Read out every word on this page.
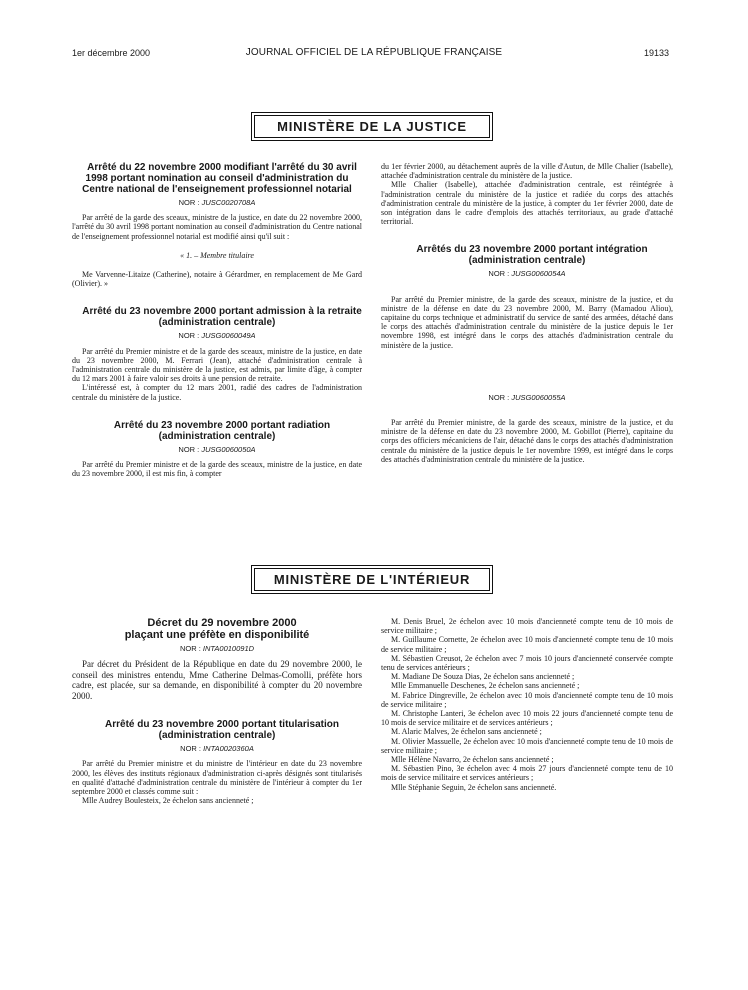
1er décembre 2000	JOURNAL OFFICIEL DE LA RÉPUBLIQUE FRANÇAISE	19133
MINISTÈRE DE LA JUSTICE

Arrêté du 22 novembre 2000 modifiant l'arrêté du 30 avril 1998 portant nomination au conseil d'administration du Centre national de l'enseignement professionnel notarial

NOR : JUSC0020708A

Par arrêté de la garde des sceaux, ministre de la justice, en date du 22 novembre 2000, l'arrêté du 30 avril 1998 portant nomination au conseil d'administration du Centre national de l'enseignement professionnel notarial est modifié ainsi qu'il suit :

« 1. – Membre titulaire

Me Varvenne-Litaize (Catherine), notaire à Gérardmer, en remplacement de Me Gard (Olivier). »

Arrêté du 23 novembre 2000 portant admission à la retraite (administration centrale)

NOR : JUSG0060049A

Par arrêté du Premier ministre et de la garde des sceaux, ministre de la justice, en date du 23 novembre 2000, M. Ferrari (Jean), attaché d'administration centrale à l'administration centrale du ministère de la justice, est admis, par limite d'âge, à compter du 12 mars 2001 à faire valoir ses droits à une pension de retraite.

L'intéressé est, à compter du 12 mars 2001, radié des cadres de l'administration centrale du ministère de la justice.

Arrêté du 23 novembre 2000 portant radiation (administration centrale)

NOR : JUSG0060050A

Par arrêté du Premier ministre et de la garde des sceaux, ministre de la justice, en date du 23 novembre 2000, il est mis fin, à compter

du 1er février 2000, au détachement auprès de la ville d'Autun, de Mlle Chalier (Isabelle), attachée d'administration centrale du ministère de la justice.

Mlle Chalier (Isabelle), attachée d'administration centrale, est réintégrée à l'administration centrale du ministère de la justice et radiée du corps des attachés d'administration centrale du ministère de la justice, à compter du 1er février 2000, date de son intégration dans le cadre d'emplois des attachés territoriaux, au grade d'attaché territorial.

Arrêtés du 23 novembre 2000 portant intégration (administration centrale)

NOR : JUSG0060054A

Par arrêté du Premier ministre, de la garde des sceaux, ministre de la justice, et du ministre de la défense en date du 23 novembre 2000, M. Barry (Mamadou Aliou), capitaine du corps technique et administratif du service de santé des armées, détaché dans le corps des attachés d'administration centrale du ministère de la justice depuis le 1er novembre 1998, est intégré dans le corps des attachés d'administration centrale du ministère de la justice.

NOR : JUSG0060055A

Par arrêté du Premier ministre, de la garde des sceaux, ministre de la justice, et du ministre de la défense en date du 23 novembre 2000, M. Gobillot (Pierre), capitaine du corps des officiers mécaniciens de l'air, détaché dans le corps des attachés d'administration centrale du ministère de la justice depuis le 1er novembre 1999, est intégré dans le corps des attachés d'administration centrale du ministère de la justice.

MINISTÈRE DE L'INTÉRIEUR

Décret du 29 novembre 2000 plaçant une préfète en disponibilité

NOR : INTA0010091D

Par décret du Président de la République en date du 29 novembre 2000, le conseil des ministres entendu, Mme Catherine Delmas-Comolli, préfète hors cadre, est placée, sur sa demande, en disponibilité à compter du 20 novembre 2000.

Arrêté du 23 novembre 2000 portant titularisation (administration centrale)

NOR : INTA0020360A

Par arrêté du Premier ministre et du ministre de l'intérieur en date du 23 novembre 2000, les élèves des instituts régionaux d'administration ci-après désignés sont titularisés en qualité d'attaché d'administration centrale du ministère de l'intérieur à compter du 1er septembre 2000 et classés comme suit :

Mlle Audrey Boulesteix, 2e échelon sans ancienneté ;

M. Denis Bruel, 2e échelon avec 10 mois d'ancienneté compte tenu de 10 mois de service militaire ;

M. Guillaume Cornette, 2e échelon avec 10 mois d'ancienneté compte tenu de 10 mois de service militaire ;

M. Sébastien Creusot, 2e échelon avec 7 mois 10 jours d'ancienneté conservée compte tenu de services antérieurs ;

M. Madiane De Souza Dias, 2e échelon sans ancienneté ;

Mlle Emmanuelle Deschenes, 2e échelon sans ancienneté ;

M. Fabrice Dingreville, 2e échelon avec 10 mois d'ancienneté compte tenu de 10 mois de service militaire ;

M. Christophe Lanteri, 3e échelon avec 10 mois 22 jours d'ancienneté compte tenu de 10 mois de service militaire et de services antérieurs ;

M. Alaric Malves, 2e échelon sans ancienneté ;

M. Olivier Massuelle, 2e échelon avec 10 mois d'ancienneté compte tenu de 10 mois de service militaire ;

Mlle Hélène Navarro, 2e échelon sans ancienneté ;

M. Sébastien Pino, 3e échelon avec 4 mois 27 jours d'ancienneté compte tenu de 10 mois de service militaire et services antérieurs ;

Mlle Stéphanie Seguin, 2e échelon sans ancienneté.
